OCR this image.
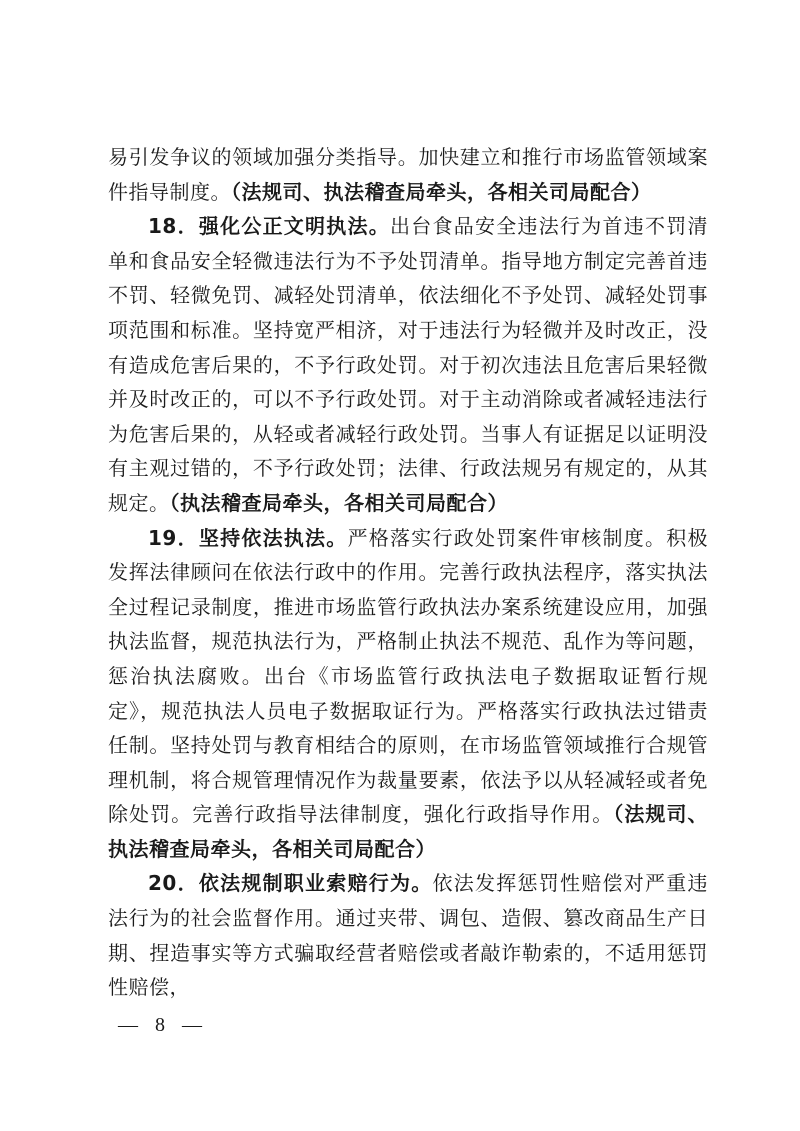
易引发争议的领域加强分类指导。加快建立和推行市场监管领域案件指导制度。（法规司、执法稽查局牵头，各相关司局配合）

18．强化公正文明执法。出台食品安全违法行为首违不罚清单和食品安全轻微违法行为不予处罚清单。指导地方制定完善首违不罚、轻微免罚、减轻处罚清单，依法细化不予处罚、减轻处罚事项范围和标准。坚持宽严相济，对于违法行为轻微并及时改正，没有造成危害后果的，不予行政处罚。对于初次违法且危害后果轻微并及时改正的，可以不予行政处罚。对于主动消除或者减轻违法行为危害后果的，从轻或者减轻行政处罚。当事人有证据足以证明没有主观过错的，不予行政处罚；法律、行政法规另有规定的，从其规定。（执法稽查局牵头，各相关司局配合）

19．坚持依法执法。严格落实行政处罚案件审核制度。积极发挥法律顾问在依法行政中的作用。完善行政执法程序，落实执法全过程记录制度，推进市场监管行政执法办案系统建设应用，加强执法监督，规范执法行为，严格制止执法不规范、乱作为等问题，惩治执法腐败。出台《市场监管行政执法电子数据取证暂行规定》，规范执法人员电子数据取证行为。严格落实行政执法过错责任制。坚持处罚与教育相结合的原则，在市场监管领域推行合规管理机制，将合规管理情况作为裁量要素，依法予以从轻减轻或者免除处罚。完善行政指导法律制度，强化行政指导作用。（法规司、执法稽查局牵头，各相关司局配合）

20．依法规制职业索赔行为。依法发挥惩罚性赔偿对严重违法行为的社会监督作用。通过夹带、调包、造假、篡改商品生产日期、捏造事实等方式骗取经营者赔偿或者敲诈勒索的，不适用惩罚性赔偿，

— 8 —
